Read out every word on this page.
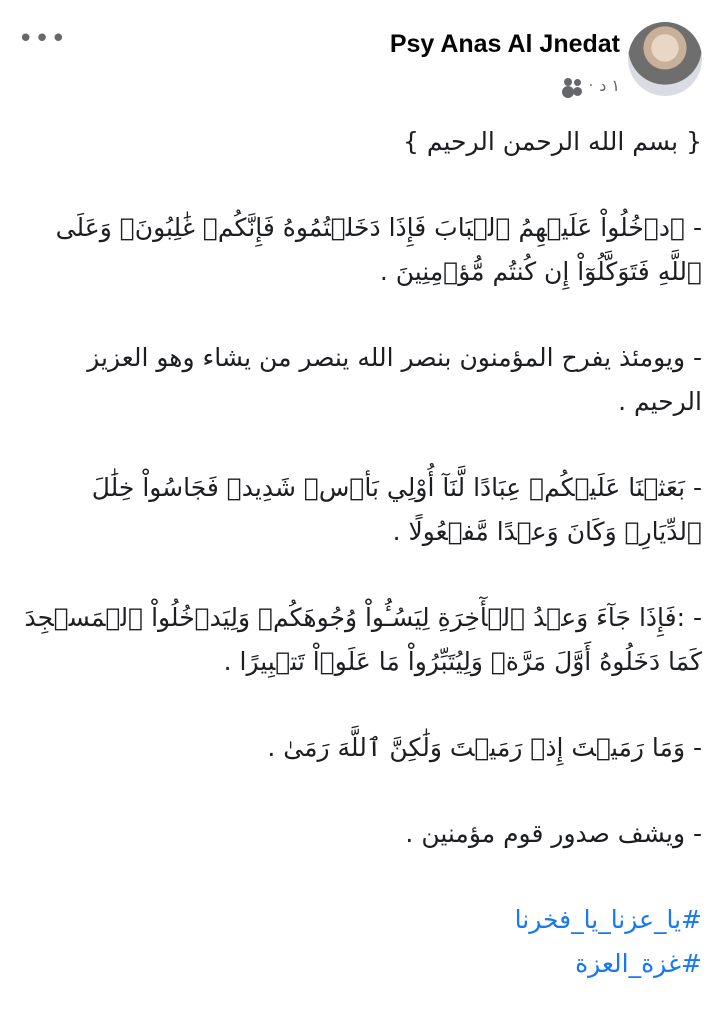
•••	Psy Anas Al Jnedat
· ١ د

{ بسم الله الرحمن الرحيم }

- ٱدۡخُلُواْ عَلَيۡهِمُ ٱلۡبَابَ فَإِذَا دَخَلۡتُمُوهُ فَإِنَّكُمۡ غَٰلِبُونَۚ وَعَلَى ٱللَّهِ فَتَوَكَّلُوٓاْ إِن كُنتُم مُّؤۡمِنِينَ .

- ويومئذ يفرح المؤمنون بنصر الله ينصر من يشاء وهو العزيز الرحيم .

- بَعَثۡنَا عَلَيۡكُمۡ عِبَادًا لَّنَآ أُوْلِي بَأۡسٖ شَدِيدٖ فَجَاسُواْ خِلَٰلَ ٱلدِّيَارِۚ وَكَانَ وَعۡدًا مَّفۡعُولًا .

- :فَإِذَا جَآءَ وَعۡدُ ٱلۡأٓخِرَةِ لِيَسُـُٔواْ وُجُوهَكُمۡ وَلِيَدۡخُلُواْ ٱلۡمَسۡجِدَ كَمَا دَخَلُوهُ أَوَّلَ مَرَّةٖ وَلِيُتَبِّرُواْ مَا عَلَوۡاْ تَتۡبِيرًا .

- وَمَا رَمَيۡتَ إِذۡ رَمَيۡتَ وَلَٰكِنَّ ٱللَّهَ رَمَىٰ .

- ويشف صدور قوم مؤمنين .

#يا_عزنا_يا_فخرنا

#غزة_العزة
